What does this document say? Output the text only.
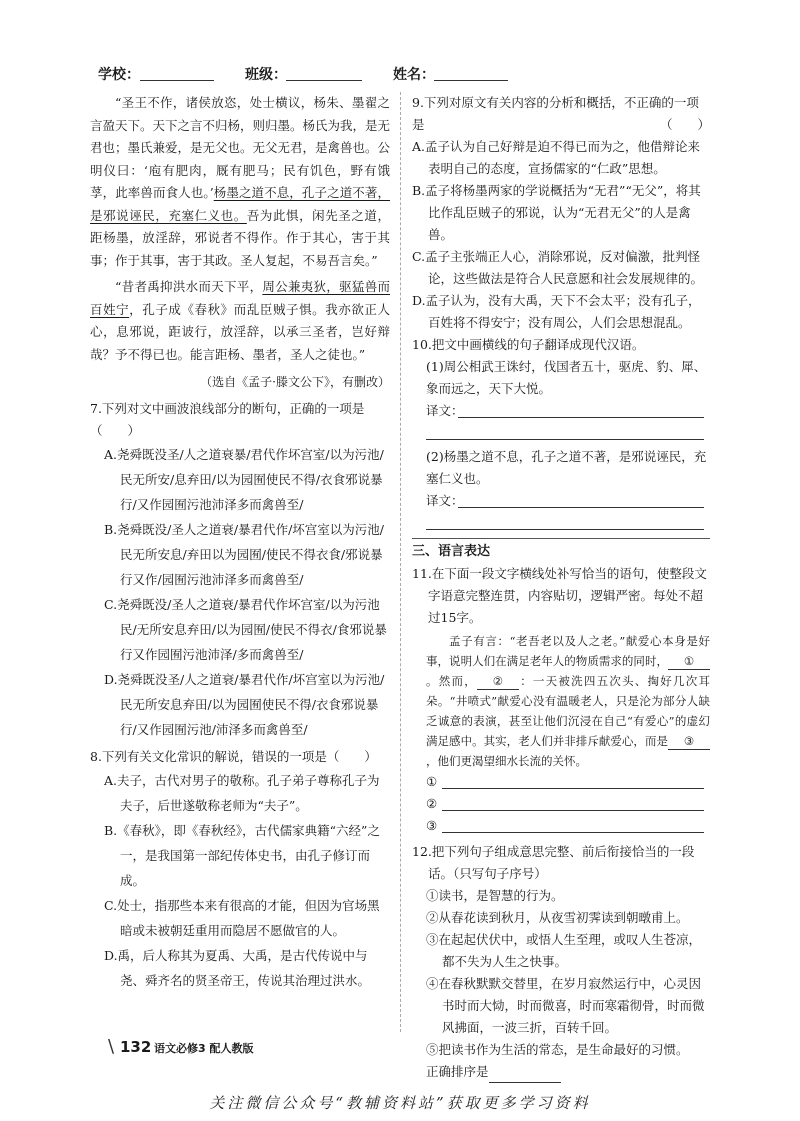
学校：	班级：	姓名：

“圣王不作，诸侯放恣，处士横议，杨朱、墨翟之言盈天下。天下之言不归杨，则归墨。杨氏为我，是无君也；墨氏兼爱，是无父也。无父无君，是禽兽也。公明仪曰：‘庖有肥肉，厩有肥马；民有饥色，野有饿莩，此率兽而食人也。’杨墨之道不息，孔子之道不著，是邪说诬民，充塞仁义也。吾为此惧，闲先圣之道，距杨墨，放淫辞，邪说者不得作。作于其心，害于其事；作于其事，害于其政。圣人复起，不易吾言矣。”

“昔者禹抑洪水而天下平，周公兼夷狄，驱猛兽而百姓宁，孔子成《春秋》而乱臣贼子惧。我亦欲正人心，息邪说，距诐行，放淫辞，以承三圣者，岂好辩哉？予不得已也。能言距杨、墨者，圣人之徒也。”

（选自《孟子·滕文公下》，有删改）

7.下列对文中画波浪线部分的断句，正确的一项是（　　）

A.尧舜既没圣/人之道衰暴/君代作坏宫室/以为污池/民无所安/息弃田/以为园囿使民不得/衣食邪说暴行/又作园囿污池沛泽多而禽兽至/

B.尧舜既没/圣人之道衰/暴君代作/坏宫室以为污池/民无所安息/弃田以为园囿/使民不得衣食/邪说暴行又作/园囿污池沛泽多而禽兽至/

C.尧舜既没/圣人之道衰/暴君代作坏宫室/以为污池民/无所安息弃田/以为园囿/使民不得衣/食邪说暴行又作园囿污池沛泽/多而禽兽至/

D.尧舜既没圣/人之道衰/暴君代作/坏宫室以为污池/民无所安息弃田/以为园囿使民不得/衣食邪说暴行/又作园囿污池/沛泽多而禽兽至/

8.下列有关文化常识的解说，错误的一项是（　　）

A.夫子，古代对男子的敬称。孔子弟子尊称孔子为夫子，后世遂敬称老师为“夫子”。

B.《春秋》，即《春秋经》，古代儒家典籍“六经”之一，是我国第一部纪传体史书，由孔子修订而成。

C.处士，指那些本来有很高的才能，但因为官场黑暗或未被朝廷重用而隐居不愿做官的人。

D.禹，后人称其为夏禹、大禹，是古代传说中与尧、舜齐名的贤圣帝王，传说其治理过洪水。

9.下列对原文有关内容的分析和概括，不正确的一项是	（　　）

A.孟子认为自己好辩是迫不得已而为之，他借辩论来表明自己的态度，宣扬儒家的“仁政”思想。

B.孟子将杨墨两家的学说概括为“无君”“无父”，将其比作乱臣贼子的邪说，认为“无君无父”的人是禽兽。

C.孟子主张端正人心，消除邪说，反对偏激，批判怪论，这些做法是符合人民意愿和社会发展规律的。

D.孟子认为，没有大禹，天下不会太平；没有孔子，百姓将不得安宁；没有周公，人们会思想混乱。

10.把文中画横线的句子翻译成现代汉语。

(1)周公相武王诛纣，伐国者五十，驱虎、豹、犀、象而远之，天下大悦。

译文：

(2)杨墨之道不息，孔子之道不著，是邪说诬民，充塞仁义也。

译文：

三、语言表达

11.在下面一段文字横线处补写恰当的语句，使整段文字语意完整连贯，内容贴切，逻辑严密。每处不超过15字。

孟子有言：“老吾老以及人之老。”献爱心本身是好事，说明人们在满足老年人的物质需求的同时， ①。然而， ② ：一天被洗四五次头、掏好几次耳朵。“井喷式”献爱心没有温暖老人，只是沦为部分人缺乏诚意的表演，甚至让他们沉浸在自己“有爱心”的虚幻满足感中。其实，老人们并非排斥献爱心，而是 ③，他们更渴望细水长流的关怀。

①
②
③

12.把下列句子组成意思完整、前后衔接恰当的一段话。（只写句子序号）

①读书，是智慧的行为。

②从春花读到秋月，从夜雪初霁读到朝暾甫上。

③在起起伏伏中，或悟人生至理，或叹人生苍凉，都不失为人生之快事。

④在春秋默默交替里，在岁月寂然运行中，心灵因书时而大恸，时而微喜，时而寒霜彻骨，时而微风拂面，一波三折，百转千回。

⑤把读书作为生活的常态，是生命最好的习惯。

正确排序是

\ 132 语文必修3 配人教版
关注微信公众号“教辅资料站”获取更多学习资料
